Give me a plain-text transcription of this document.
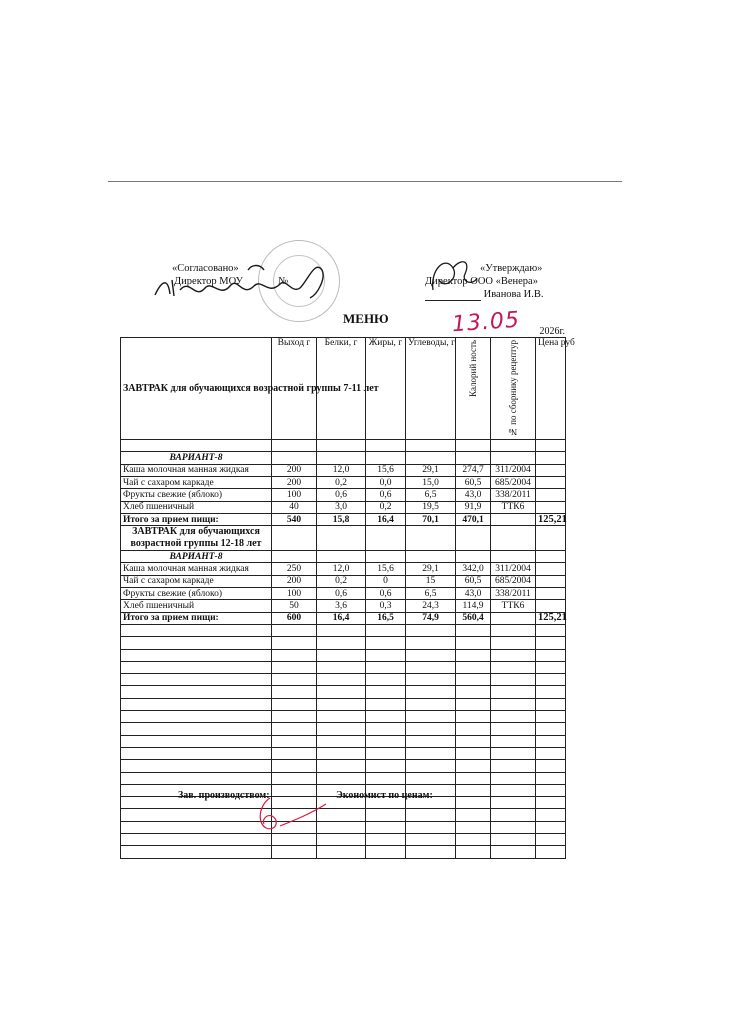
«Согласовано»
Директор МОУ	№
«Утверждаю»
Директор ООО «Венера»
Иванова И.В.
МЕНЮ	13.05 2026г.
ЗАВТРАК для обучающихся возрастной группы 7-11 лет	Выход г	Белки, г	Жиры, г	Углеводы, г	Калорий ность	№ по сборнику рецептур	Цена руб

ВАРИАНТ-8							
Каша молочная манная жидкая	200	12,0	15,6	29,1	274,7	311/2004	
Чай с сахаром каркаде	200	0,2	0,0	15,0	60,5	685/2004	
Фрукты свежие (яблоко)	100	0,6	0,6	6,5	43,0	338/2011	
Хлеб пшеничный	40	3,0	0,2	19,5	91,9	ТТК6	
Итого за прием пищи:	540	15,8	16,4	70,1	470,1		125,21
ЗАВТРАК для обучающихся возрастной группы 12-18 лет							
ВАРИАНТ-8							
Каша молочная манная жидкая	250	12,0	15,6	29,1	342,0	311/2004	
Чай с сахаром каркаде	200	0,2	0	15	60,5	685/2004	
Фрукты свежие (яблоко)	100	0,6	0,6	6,5	43,0	338/2011	
Хлеб пшеничный	50	3,6	0,3	24,3	114,9	ТТК6	
Итого за прием пищи:	600	16,4	16,5	74,9	560,4		125,21

Зав. производством:	Экономист по ценам:
